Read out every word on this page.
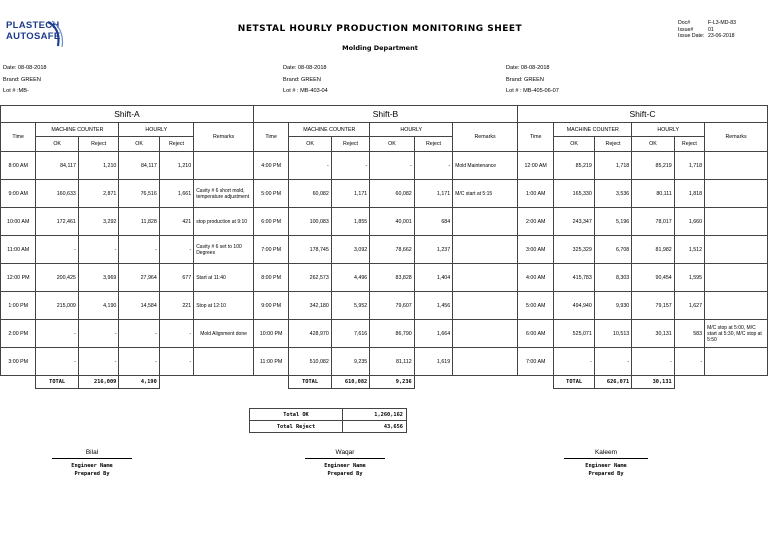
PLASTECH
AUTOSAFE
NETSTAL HOURLY PRODUCTION MONITORING SHEET
Molding Department
Doc#	F-L3-MD-83
Issue#	01
Issue Date: 23-06-2018
Date: 08-08-2018
Brand: GREEN
Lot # :MB-
Date: 08-08-2018
Brand: GREEN
Lot # : MB-403-04
Date: 08-08-2018
Brand: GREEN
Lot # : MB-405-06-07
Shift-A						Shift-B						Shift-C					
Time	MACHINE COUNTER		HOURLY		Remarks	Time	MACHINE COUNTER		HOURLY		Remarks	Time	MACHINE COUNTER		HOURLY		Remarks
	OK	Reject	OK	Reject			OK	Reject	OK	Reject			OK	Reject	OK	Reject	
8:00 AM	84,117	1,210	84,117	1,210		4:00 PM	-	-	-	-	Mold Maintenance	12:00 AM	85,219	1,718	85,219	1,718	
9:00 AM	160,633	2,871	76,516	1,661	Cavity # 6 short mold, temperature adjustment	5:00 PM	60,082	1,171	60,082	1,171	M/C start at 5:15	1:00 AM	165,330	3,536	80,111	1,818	
10:00 AM	172,461	3,292	11,828	421	stop production at 9:10	6:00 PM	100,083	1,855	40,001	684		2:00 AM	243,347	5,196	78,017	1,660	
11:00 AM	-	-	-	-	Cavity # 6 set to 100 Degrees	7:00 PM	178,745	3,092	78,662	1,237		3:00 AM	325,329	6,708	81,982	1,512	
12:00 PM	200,425	3,969	27,964	677	Start at 11:40	8:00 PM	262,573	4,496	83,828	1,404		4:00 AM	415,783	8,303	90,454	1,595	
1:00 PM	215,009	4,190	14,584	221	Stop at 12:10	9:00 PM	342,180	5,952	79,607	1,456		5:00 AM	494,940	9,930	79,157	1,627	
2:00 PM	-	-	-	-	Mold Alignment done	10:00 PM	428,970	7,616	86,790	1,664		6:00 AM	525,071	10,513	30,131	583	M/C stop at 5:00, M/C start at 5:30, M/C stop at 5:50
3:00 PM	-	-	-	-		11:00 PM	510,082	9,235	81,112	1,619		7:00 AM	-	-	-	-	
	TOTAL	216,009	4,190				TOTAL	610,082	9,236				TOTAL	626,071	30,131		
Total OK	1,260,162
Total Reject	43,656
Bilal
Engineer Name
Prepared By
Waqar
Engineer Name
Prepared By
Kaleem
Engineer Name
Prepared By
